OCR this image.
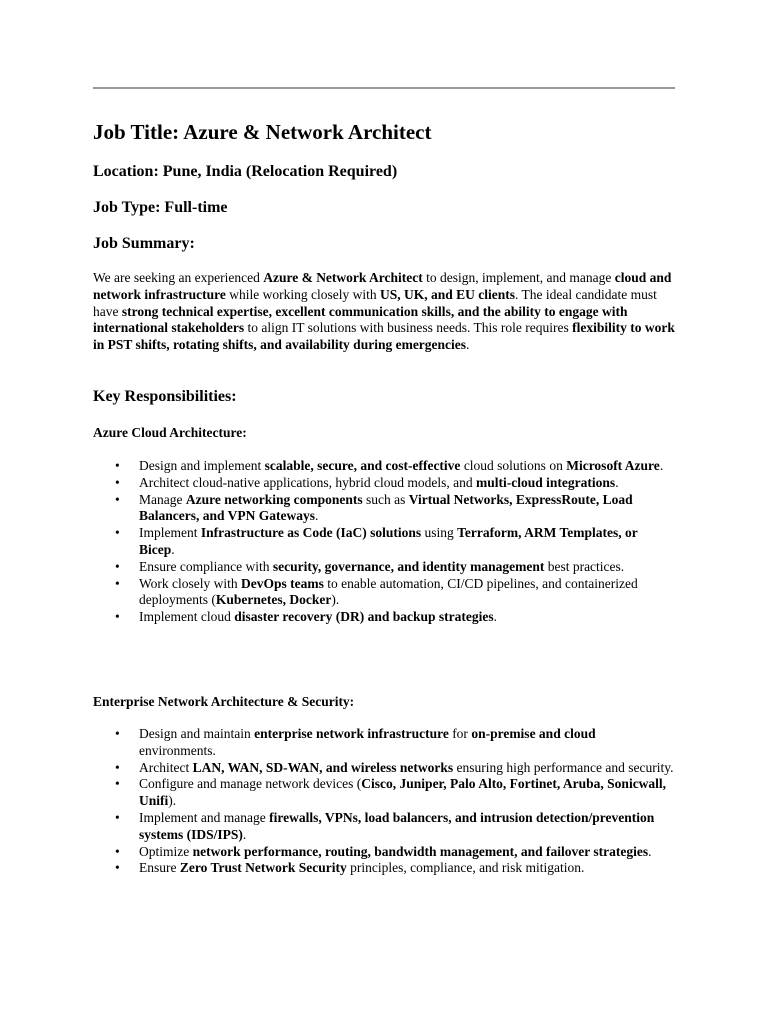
Job Title: Azure & Network Architect
Location: Pune, India (Relocation Required)
Job Type: Full-time
Job Summary:

We are seeking an experienced Azure & Network Architect to design, implement, and manage cloud and network infrastructure while working closely with US, UK, and EU clients. The ideal candidate must have strong technical expertise, excellent communication skills, and the ability to engage with international stakeholders to align IT solutions with business needs. This role requires flexibility to work in PST shifts, rotating shifts, and availability during emergencies.

Key Responsibilities:
Azure Cloud Architecture:
• Design and implement scalable, secure, and cost-effective cloud solutions on Microsoft Azure.
• Architect cloud-native applications, hybrid cloud models, and multi-cloud integrations.
• Manage Azure networking components such as Virtual Networks, ExpressRoute, Load Balancers, and VPN Gateways.
• Implement Infrastructure as Code (IaC) solutions using Terraform, ARM Templates, or Bicep.
• Ensure compliance with security, governance, and identity management best practices.
• Work closely with DevOps teams to enable automation, CI/CD pipelines, and containerized deployments (Kubernetes, Docker).
• Implement cloud disaster recovery (DR) and backup strategies.
Enterprise Network Architecture & Security:
• Design and maintain enterprise network infrastructure for on-premise and cloud environments.
• Architect LAN, WAN, SD-WAN, and wireless networks ensuring high performance and security.
• Configure and manage network devices (Cisco, Juniper, Palo Alto, Fortinet, Aruba, Sonicwall, Unifi).
• Implement and manage firewalls, VPNs, load balancers, and intrusion detection/prevention systems (IDS/IPS).
• Optimize network performance, routing, bandwidth management, and failover strategies.
• Ensure Zero Trust Network Security principles, compliance, and risk mitigation.
